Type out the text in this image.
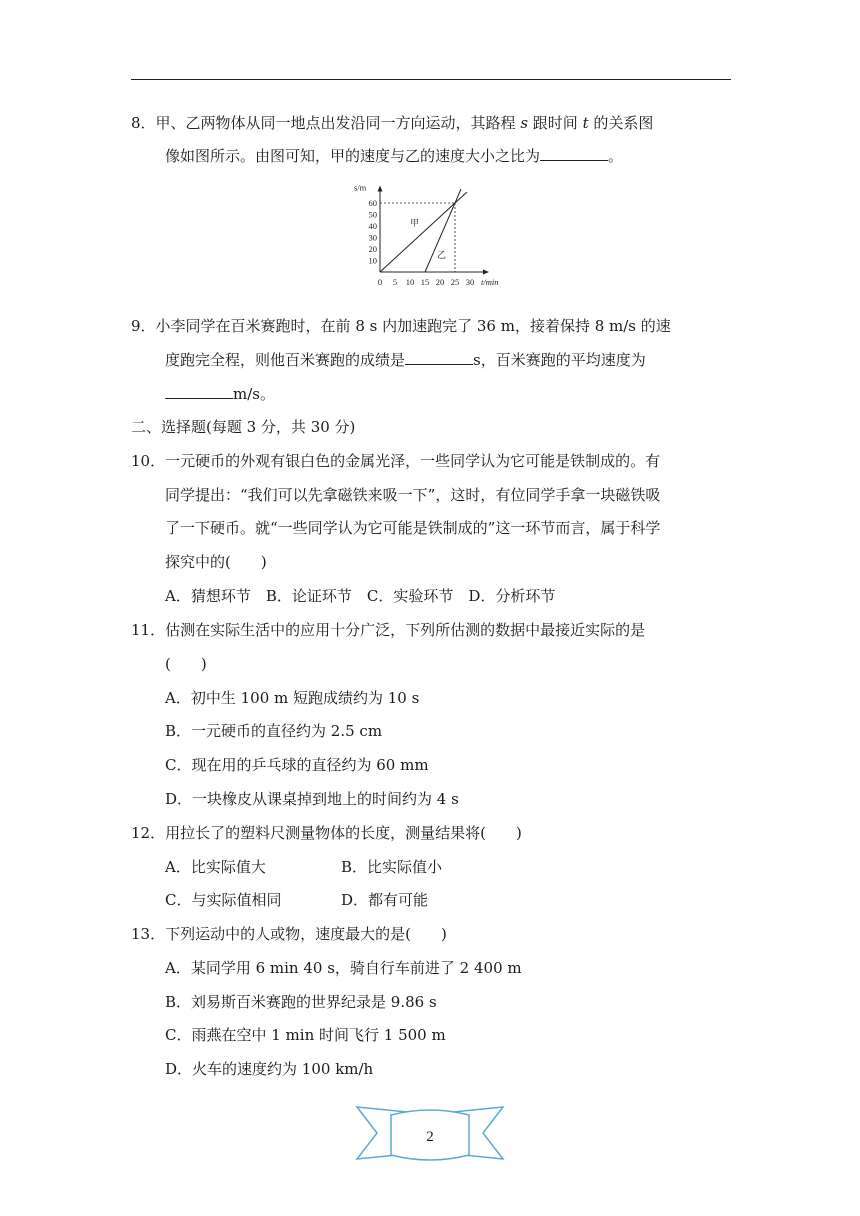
8．甲、乙两物体从同一地点出发沿同一方向运动，其路程 s 跟时间 t 的关系图
像如图所示。由图可知，甲的速度与乙的速度大小之比为	。
s/m
t/min
0 5 10 15 20 25 30
10
20
30
40
50
60
甲
乙
9．小李同学在百米赛跑时，在前 8 s 内加速跑完了 36 m，接着保持 8 m/s 的速
度跑完全程，则他百米赛跑的成绩是	s，百米赛跑的平均速度为
m/s。
二、选择题(每题 3 分，共 30 分)
10．一元硬币的外观有银白色的金属光泽，一些同学认为它可能是铁制成的。有
同学提出：“我们可以先拿磁铁来吸一下”，这时，有位同学手拿一块磁铁吸
了一下硬币。就“一些同学认为它可能是铁制成的”这一环节而言，属于科学
探究中的(　　)
A．猜想环节　B．论证环节　C．实验环节　D．分析环节
11．估测在实际生活中的应用十分广泛，下列所估测的数据中最接近实际的是
(　　)
A．初中生 100 m 短跑成绩约为 10 s
B．一元硬币的直径约为 2.5 cm
C．现在用的乒乓球的直径约为 60 mm
D．一块橡皮从课桌掉到地上的时间约为 4 s
12．用拉长了的塑料尺测量物体的长度，测量结果将(　　)
A．比实际值大	B．比实际值小
C．与实际值相同	D．都有可能
13．下列运动中的人或物，速度最大的是(　　)
A．某同学用 6 min 40 s，骑自行车前进了 2 400 m
B．刘易斯百米赛跑的世界纪录是 9.86 s
C．雨燕在空中 1 min 时间飞行 1 500 m
D．火车的速度约为 100 km/h
2
